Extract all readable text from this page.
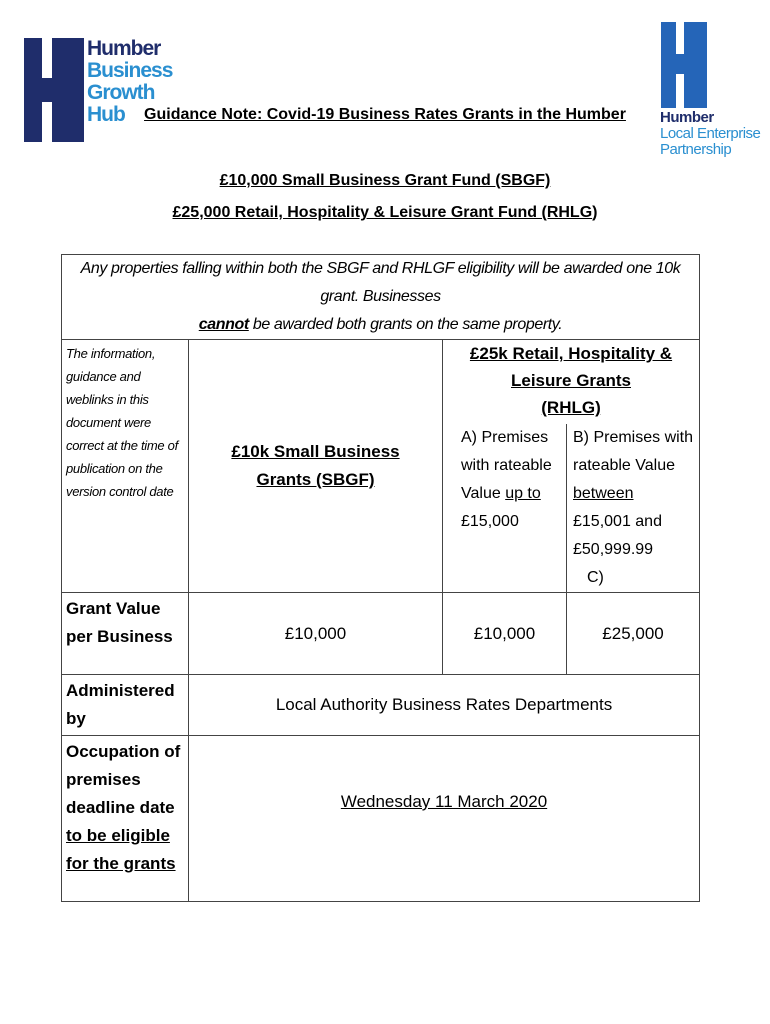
Humber
Business
Growth
Hub	Humber
Local Enterprise
Partnership
Guidance Note: Covid-19 Business Rates Grants in the Humber
£10,000 Small Business Grant Fund (SBGF)
£25,000 Retail, Hospitality & Leisure Grant Fund (RHLG)
Any properties falling within both the SBGF and RHLGF eligibility will be awarded one 10k grant. Businesses
cannot be awarded both grants on the same property.			
The information, guidance and weblinks in this document were correct at the time of publication on the version control date	£10k Small Business Grants (SBGF)	£25k Retail, Hospitality & Leisure Grants
(RHLG)	
		A) Premises with rateable Value up to £15,000	B) Premises with rateable Value between £15,001 and £50,999.99
C)
Grant Value per Business	£10,000	£10,000	£25,000
Administered by	Local Authority Business Rates Departments		
Occupation of premises deadline date to be eligible for the grants	Wednesday 11 March 2020		
